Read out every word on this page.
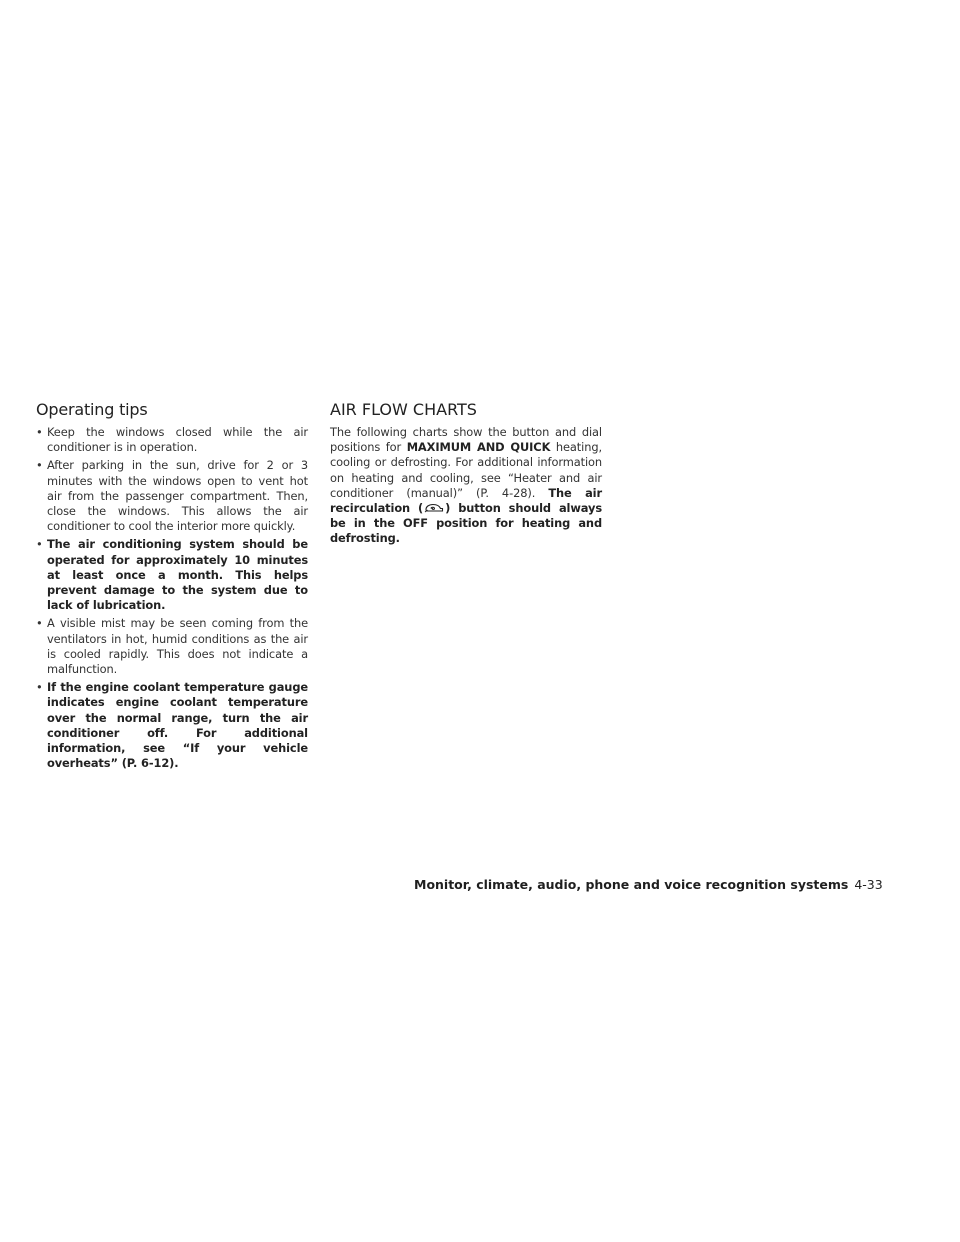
Operating tips
• Keep the windows closed while the air conditioner is in operation.
• After parking in the sun, drive for 2 or 3 minutes with the windows open to vent hot air from the passenger compartment. Then, close the windows. This allows the air conditioner to cool the interior more quickly.
• The air conditioning system should be operated for approximately 10 minutes at least once a month. This helps prevent damage to the system due to lack of lubrication.
• A visible mist may be seen coming from the ventilators in hot, humid conditions as the air is cooled rapidly. This does not indicate a malfunction.
• If the engine coolant temperature gauge indicates engine coolant temperature over the normal range, turn the air conditioner off. For additional information, see “If your vehicle overheats” (P. 6-12).
AIR FLOW CHARTS

The following charts show the button and dial positions for MAXIMUM AND QUICK heating, cooling or defrosting. For additional information on heating and cooling, see “Heater and air conditioner (manual)” (P. 4-28). The air recirculation ( ) button should always be in the OFF position for heating and defrosting.

Monitor, climate, audio, phone and voice recognition systems 4-33
